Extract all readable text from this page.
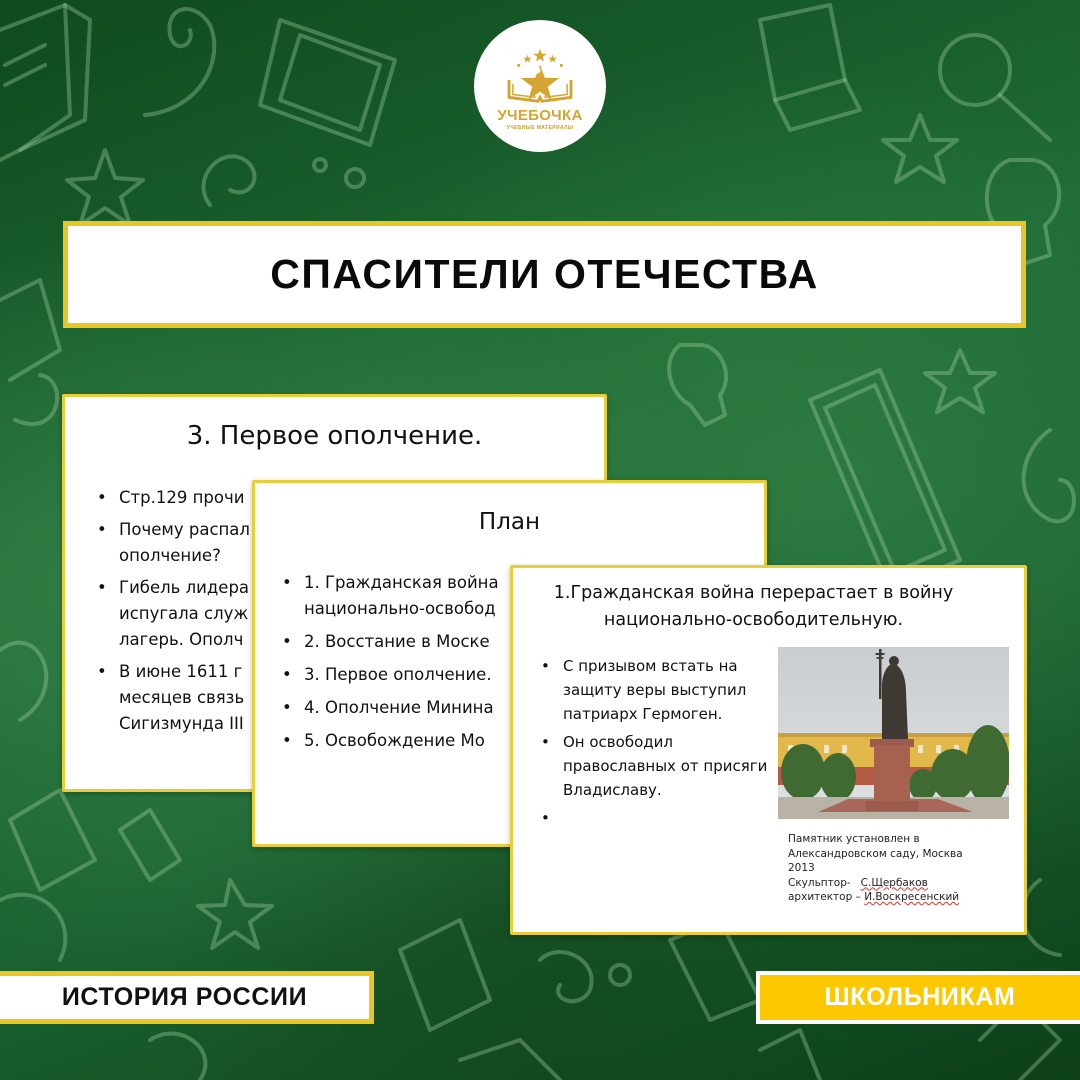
УЧЕБОЧКА
УЧЕБНЫЕ МАТЕРИАЛЫ
СПАСИТЕЛИ ОТЕЧЕСТВА
3. Первое ополчение.
• Стр.129 прочи
• Почему распал
ополчение?
• Гибель лидера
испугала служ
лагерь. Ополч
• В июне 1611 г
месяцев связь
Сигизмунда III
План
• 1. Гражданская война
национально-освобод
• 2. Восстание в Моске
• 3. Первое ополчение.
• 4. Ополчение Минина
• 5. Освобождение Мо
1.Гражданская война перерастает в войну
национально-освободительную.
• С призывом встать на защиту веры выступил патриарх Гермоген.
• Он освободил православных от присяги Владиславу.
•
Памятник установлен в
Александровском саду, Москва
2013
Скульптор- С.Щербаков
архитектор – И.Воскресенский
ИСТОРИЯ РОССИИ	ШКОЛЬНИКАМ
